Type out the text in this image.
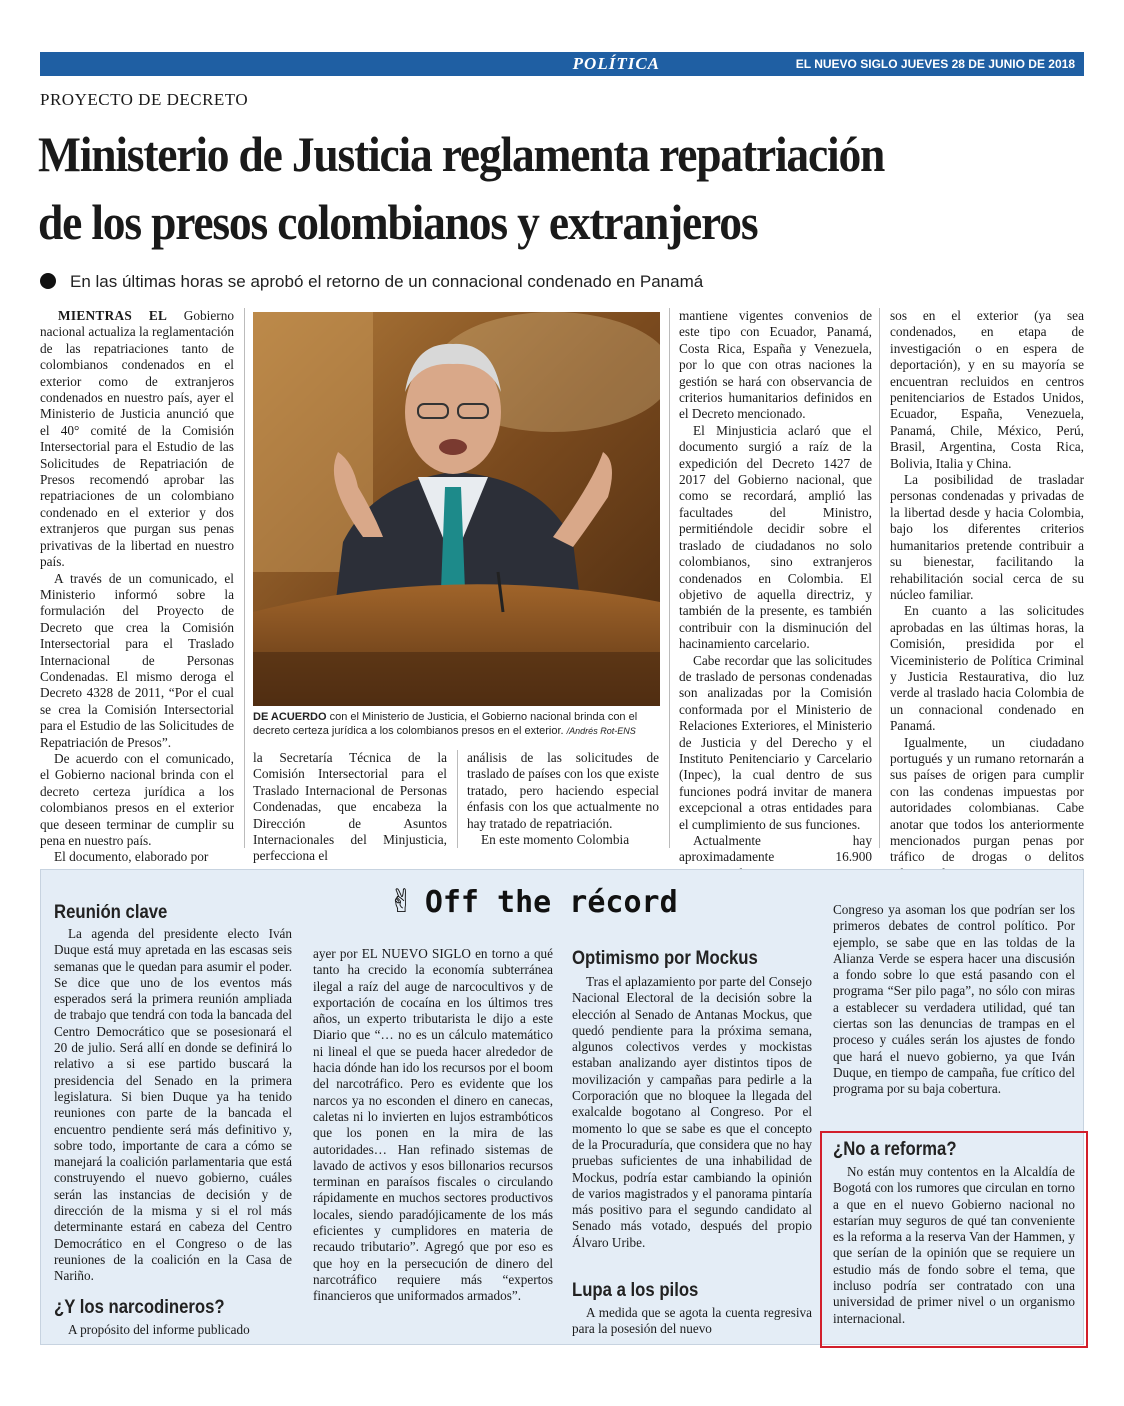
POLÍTICA	EL NUEVO SIGLO JUEVES 28 DE JUNIO DE 2018 11A
PROYECTO DE DECRETO
Ministerio de Justicia reglamenta repatriación
de los presos colombianos y extranjeros
En las últimas horas se aprobó el retorno de un connacional condenado en Panamá

MIENTRAS EL Gobierno nacional actualiza la reglamentación de las repatriaciones tanto de colombianos condenados en el exterior como de extranjeros condenados en nuestro país, ayer el Ministerio de Justicia anunció que el 40° comité de la Comisión Intersectorial para el Estudio de las Solicitudes de Repatriación de Presos recomendó aprobar las repatriaciones de un colombiano condenado en el exterior y dos extranjeros que purgan sus penas privativas de la libertad en nuestro país.

A través de un comunicado, el Ministerio informó sobre la formulación del Proyecto de Decreto que crea la Comisión Intersectorial para el Traslado Internacional de Personas Condenadas. El mismo deroga el Decreto 4328 de 2011, “Por el cual se crea la Comisión Intersectorial para el Estudio de las Solicitudes de Repatriación de Presos”.

De acuerdo con el comunicado, el Gobierno nacional brinda con el decreto certeza jurídica a los colombianos presos en el exterior que deseen terminar de cumplir su pena en nuestro país.

El documento, elaborado por

DE ACUERDO con el Ministerio de Justicia, el Gobierno nacional brinda con el decreto certeza jurídica a los colombianos presos en el exterior. /Andrés Rot-ENS

la Secretaría Técnica de la Comisión Intersectorial para el Traslado Internacional de Personas Condenadas, que encabeza la Dirección de Asuntos Internacionales del Minjusticia, perfecciona el

análisis de las solicitudes de traslado de países con los que existe tratado, pero haciendo especial énfasis con los que actualmente no hay tratado de repatriación.

En este momento Colombia

mantiene vigentes convenios de este tipo con Ecuador, Panamá, Costa Rica, España y Venezuela, por lo que con otras naciones la gestión se hará con observancia de criterios humanitarios definidos en el Decreto mencionado.

El Minjusticia aclaró que el documento surgió a raíz de la expedición del Decreto 1427 de 2017 del Gobierno nacional, que como se recordará, amplió las facultades del Ministro, permitiéndole decidir sobre el traslado de ciudadanos no solo colombianos, sino extranjeros condenados en Colombia. El objetivo de aquella directriz, y también de la presente, es también contribuir con la disminución del hacinamiento carcelario.

Cabe recordar que las solicitudes de traslado de personas condenadas son analizadas por la Comisión conformada por el Ministerio de Relaciones Exteriores, el Ministerio de Justicia y del Derecho y el Instituto Penitenciario y Carcelario (Inpec), la cual dentro de sus funciones podrá invitar de manera excepcional a otras entidades para el cumplimiento de sus funciones.

Actualmente hay aproximadamente 16.900

sos en el exterior (ya sea condenados, en etapa de investigación o en espera de deportación), y en su mayoría se encuentran recluidos en centros penitenciarios de Estados Unidos, Ecuador, España, Venezuela, Panamá, Chile, México, Perú, Brasil, Argentina, Costa Rica, Bolivia, Italia y China.

La posibilidad de trasladar personas condenadas y privadas de la libertad desde y hacia Colombia, bajo los diferentes criterios humanitarios pretende contribuir a su bienestar, facilitando la rehabilitación social cerca de su núcleo familiar.

En cuanto a las solicitudes aprobadas en las últimas horas, la Comisión, presidida por el Viceministerio de Política Criminal y Justicia Restaurativa, dio luz verde al traslado hacia Colombia de un connacional condenado en Panamá.

Igualmente, un ciudadano portugués y un rumano retornarán a sus países de origen para cumplir con las condenas impuestas por autoridades colombianas. Cabe anotar que todos los anteriormente mencionados purgan penas por tráfico de drogas o delitos

✌ Off the récord
Reunión clave

La agenda del presidente electo Iván Duque está muy apretada en las escasas seis semanas que le quedan para asumir el poder. Se dice que uno de los eventos más esperados será la primera reunión ampliada de trabajo que tendrá con toda la bancada del Centro Democrático que se posesionará el 20 de julio. Será allí en donde se definirá lo relativo a si ese partido buscará la presidencia del Senado en la primera legislatura. Si bien Duque ya ha tenido reuniones con parte de la bancada el encuentro pendiente será más definitivo y, sobre todo, importante de cara a cómo se manejará la coalición parlamentaria que está construyendo el nuevo gobierno, cuáles serán las instancias de decisión y de dirección de la misma y si el rol más determinante estará en cabeza del Centro Democrático en el Congreso o de las reuniones de la coalición en la Casa de Nariño.

¿Y los narcodineros?

A propósito del informe publicado

ayer por EL NUEVO SIGLO en torno a qué tanto ha crecido la economía subterránea ilegal a raíz del auge de narcocultivos y de exportación de cocaína en los últimos tres años, un experto tributarista le dijo a este Diario que “… no es un cálculo matemático ni lineal el que se pueda hacer alrededor de hacia dónde han ido los recursos por el boom del narcotráfico. Pero es evidente que los narcos ya no esconden el dinero en canecas, caletas ni lo invierten en lujos estrambóticos que los ponen en la mira de las autoridades… Han refinado sistemas de lavado de activos y esos billonarios recursos terminan en paraísos fiscales o circulando rápidamente en muchos sectores productivos locales, siendo paradójicamente de los más eficientes y cumplidores en materia de recaudo tributario”. Agregó que por eso es que hoy en la persecución de dinero del narcotráfico requiere más “expertos financieros que uniformados armados”.

Optimismo por Mockus

Tras el aplazamiento por parte del Consejo Nacional Electoral de la decisión sobre la elección al Senado de Antanas Mockus, que quedó pendiente para la próxima semana, algunos colectivos verdes y mockistas estaban analizando ayer distintos tipos de movilización y campañas para pedirle a la Corporación que no bloquee la llegada del exalcalde bogotano al Congreso. Por el momento lo que se sabe es que el concepto de la Procuraduría, que considera que no hay pruebas suficientes de una inhabilidad de Mockus, podría estar cambiando la opinión de varios magistrados y el panorama pintaría más positivo para el segundo candidato al Senado más votado, después del propio Álvaro Uribe.

Lupa a los pilos

A medida que se agota la cuenta regresiva para la posesión del nuevo

Congreso ya asoman los que podrían ser los primeros debates de control político. Por ejemplo, se sabe que en las toldas de la Alianza Verde se espera hacer una discusión a fondo sobre lo que está pasando con el programa “Ser pilo paga”, no sólo con miras a establecer su verdadera utilidad, qué tan ciertas son las denuncias de trampas en el proceso y cuáles serán los ajustes de fondo que hará el nuevo gobierno, ya que Iván Duque, en tiempo de campaña, fue crítico del programa por su baja cobertura.

¿No a reforma?

No están muy contentos en la Alcaldía de Bogotá con los rumores que circulan en torno a que en el nuevo Gobierno nacional no estarían muy seguros de qué tan conveniente es la reforma a la reserva Van der Hammen, y que serían de la opinión que se requiere un estudio más de fondo sobre el tema, que incluso podría ser contratado con una universidad de primer nivel o un organismo internacional.
